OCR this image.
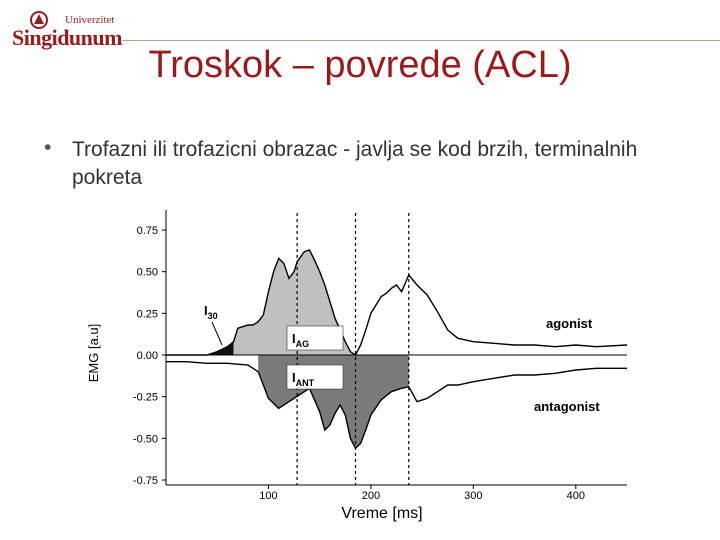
Univerzitet
Singidunum
Troskok – povrede (ACL)
• Trofazni ili trofazicni obrazac - javlja se kod brzih, terminalnih pokreta
0.75
0.50
0.25
0.00
-0.25
-0.50
-0.75
100	200	300	400
$I_{30}$
$I_{AG}$
$I_{ANT}$
agonist
antagonist
EMG [a.u]
Vreme [ms]
